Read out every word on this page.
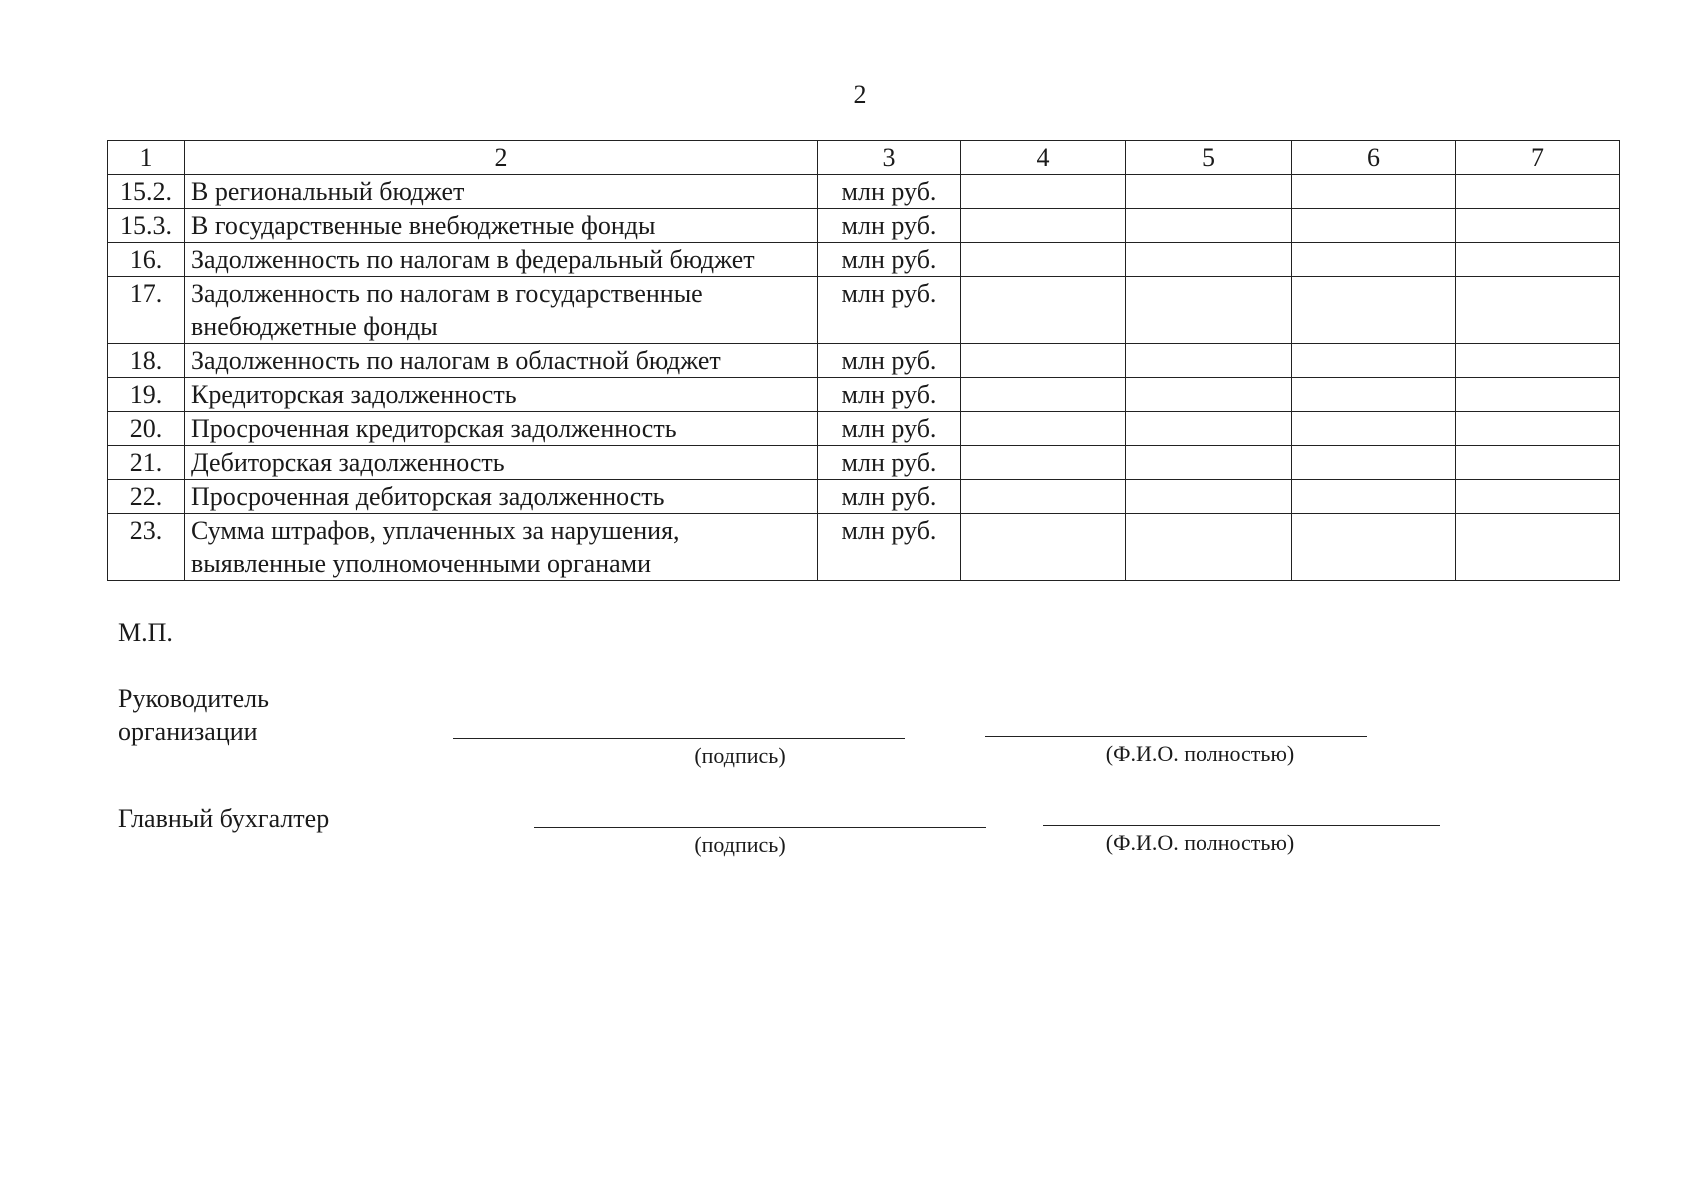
2
1	2	3	4	5	6	7
15.2.	В региональный бюджет	млн руб.				
15.3.	В государственные внебюджетные фонды	млн руб.				
16.	Задолженность по налогам в федеральный бюджет	млн руб.				
17.	Задолженность по налогам в государственные внебюджетные фонды	млн руб.				
18.	Задолженность по налогам в областной бюджет	млн руб.				
19.	Кредиторская задолженность	млн руб.				
20.	Просроченная кредиторская задолженность	млн руб.				
21.	Дебиторская задолженность	млн руб.				
22.	Просроченная дебиторская задолженность	млн руб.				
23.	Сумма штрафов, уплаченных за нарушения, выявленные уполномоченными органами	млн руб.				
М.П.
Руководитель
организации
(подпись)	(Ф.И.О. полностью)
Главный бухгалтер
(подпись)	(Ф.И.О. полностью)
